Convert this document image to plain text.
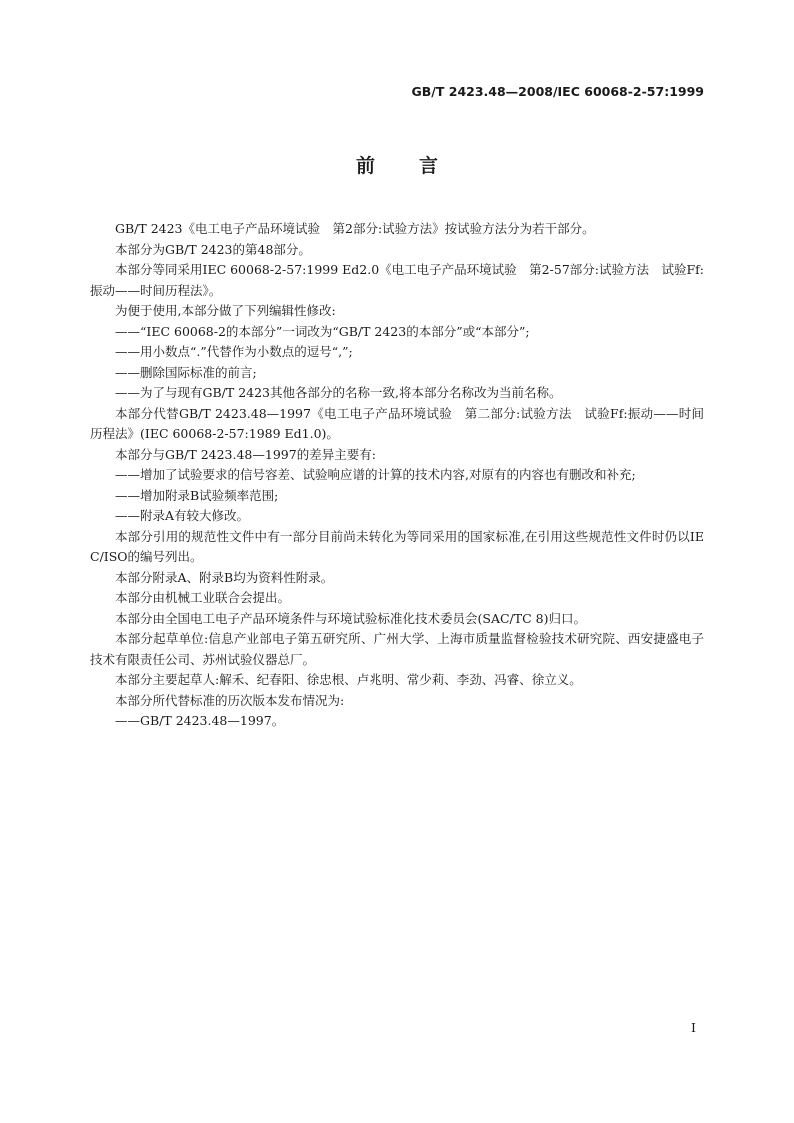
GB/T 2423.48—2008/IEC 60068-2-57:1999
前言

GB/T 2423《电工电子产品环境试验　第2部分:试验方法》按试验方法分为若干部分。

本部分为GB/T 2423的第48部分。

本部分等同采用IEC 60068-2-57:1999 Ed2.0《电工电子产品环境试验　第2-57部分:试验方法　试验Ff:振动——时间历程法》。

为便于使用,本部分做了下列编辑性修改:

——“IEC 60068-2的本部分”一词改为“GB/T 2423的本部分”或“本部分”;

——用小数点“.”代替作为小数点的逗号“,”;

——删除国际标准的前言;

——为了与现有GB/T 2423其他各部分的名称一致,将本部分名称改为当前名称。

本部分代替GB/T 2423.48—1997《电工电子产品环境试验　第二部分:试验方法　试验Ff:振动——时间历程法》(IEC 60068-2-57:1989 Ed1.0)。

本部分与GB/T 2423.48—1997的差异主要有:

——增加了试验要求的信号容差、试验响应谱的计算的技术内容,对原有的内容也有删改和补充;

——增加附录B试验频率范围;

——附录A有较大修改。

本部分引用的规范性文件中有一部分目前尚未转化为等同采用的国家标准,在引用这些规范性文件时仍以IEC/ISO的编号列出。

本部分附录A、附录B均为资料性附录。

本部分由机械工业联合会提出。

本部分由全国电工电子产品环境条件与环境试验标准化技术委员会(SAC/TC 8)归口。

本部分起草单位:信息产业部电子第五研究所、广州大学、上海市质量监督检验技术研究院、西安捷盛电子技术有限责任公司、苏州试验仪器总厂。

本部分主要起草人:解禾、纪春阳、徐忠根、卢兆明、常少莉、李劲、冯睿、徐立义。

本部分所代替标准的历次版本发布情况为:

——GB/T 2423.48—1997。

I
